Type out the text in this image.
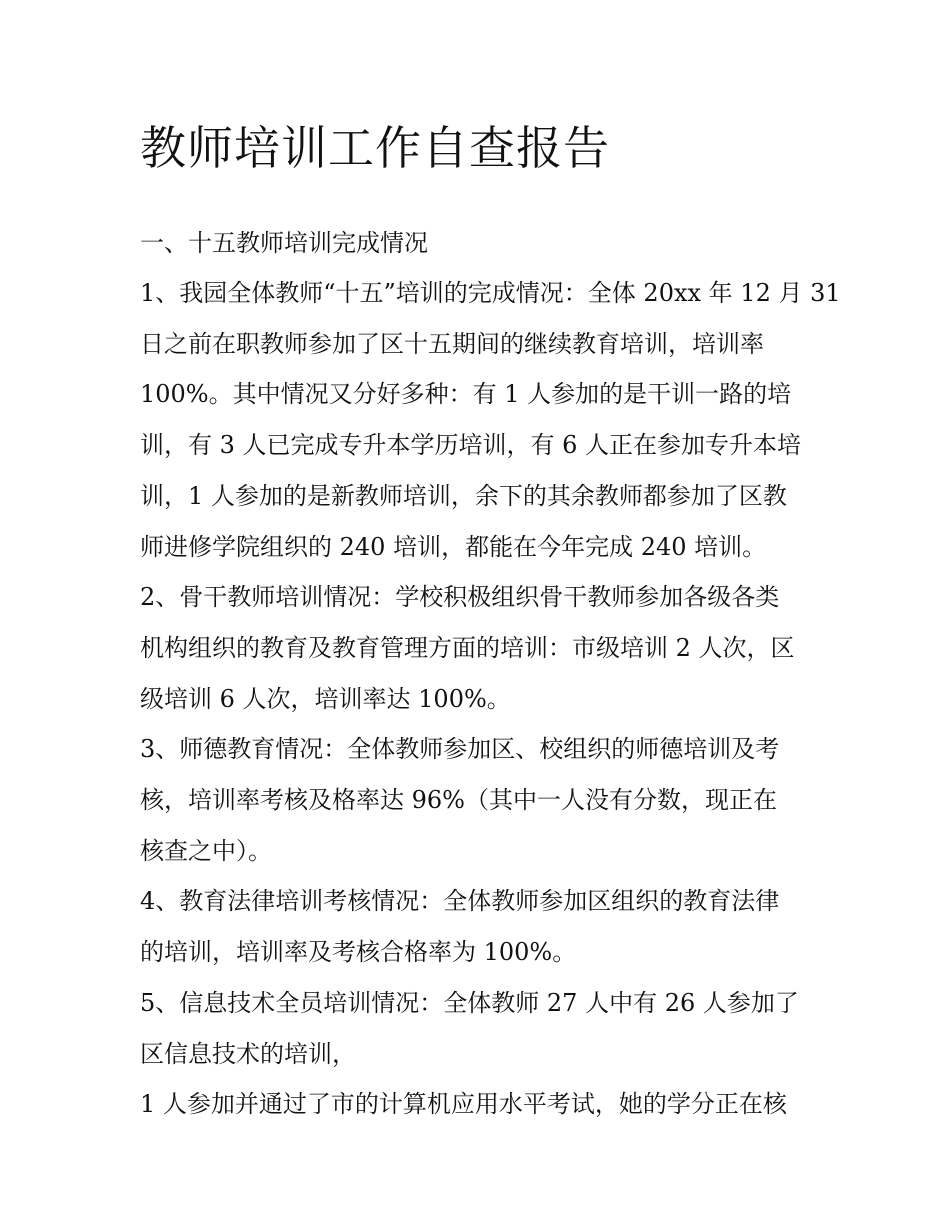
教师培训工作自查报告

一、十五教师培训完成情况

1、我园全体教师“十五”培训的完成情况：全体 20xx 年 12 月 31
日之前在职教师参加了区十五期间的继续教育培训，培训率
100%。其中情况又分好多种：有 1 人参加的是干训一路的培
训，有 3 人已完成专升本学历培训，有 6 人正在参加专升本培
训，1 人参加的是新教师培训，余下的其余教师都参加了区教
师进修学院组织的 240 培训，都能在今年完成 240 培训。

2、骨干教师培训情况：学校积极组织骨干教师参加各级各类
机构组织的教育及教育管理方面的培训：市级培训 2 人次，区
级培训 6 人次，培训率达 100%。

3、师德教育情况：全体教师参加区、校组织的师德培训及考
核，培训率考核及格率达 96%（其中一人没有分数，现正在
核查之中）。

4、教育法律培训考核情况：全体教师参加区组织的教育法律
的培训，培训率及考核合格率为 100%。

5、信息技术全员培训情况：全体教师 27 人中有 26 人参加了
区信息技术的培训，

1 人参加并通过了市的计算机应用水平考试，她的学分正在核
